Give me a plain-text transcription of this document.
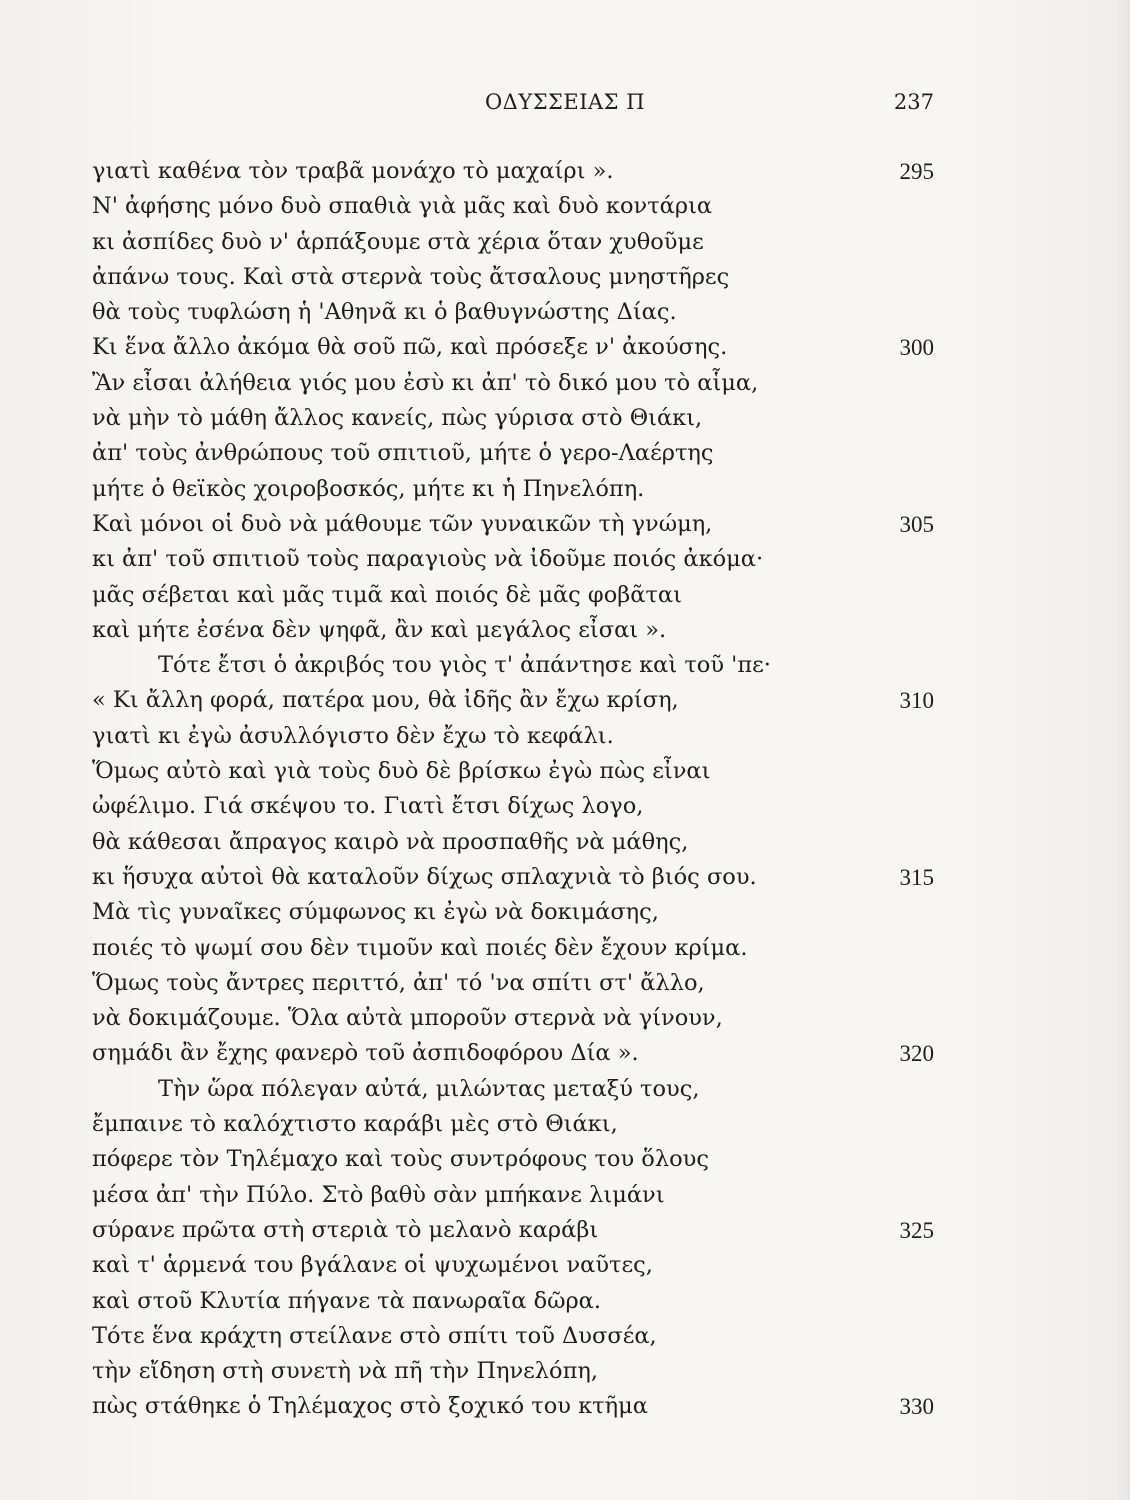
ΟΔΥΣΣΕΙΑΣ Π	237
γιατὶ καθένα τὸν τραβᾶ μονάχο τὸ μαχαίρι ».	295
Ν' ἀφήσης μόνο δυὸ σπαθιὰ γιὰ μᾶς καὶ δυὸ κοντάρια
κι ἀσπίδες δυὸ ν' ἁρπάξουμε στὰ χέρια ὅταν χυθοῦμε
ἀπάνω τους. Καὶ στὰ στερνὰ τοὺς ἄτσαλους μνηστῆρες
θὰ τοὺς τυφλώση ἡ 'Αθηνᾶ κι ὁ βαθυγνώστης Δίας.
Κι ἕνα ἄλλο ἀκόμα θὰ σοῦ πῶ, καὶ πρόσεξε ν' ἀκούσης.	300
Ἂν εἶσαι ἀλήθεια γιός μου ἐσὺ κι ἀπ' τὸ δικό μου τὸ αἷμα,
νὰ μὴν τὸ μάθη ἄλλος κανείς, πὼς γύρισα στὸ Θιάκι,
ἀπ' τοὺς ἀνθρώπους τοῦ σπιτιοῦ, μήτε ὁ γερο-Λαέρτης
μήτε ὁ θεϊκὸς χοιροβοσκός, μήτε κι ἡ Πηνελόπη.
Καὶ μόνοι οἱ δυὸ νὰ μάθουμε τῶν γυναικῶν τὴ γνώμη,	305
κι ἀπ' τοῦ σπιτιοῦ τοὺς παραγιοὺς νὰ ἰδοῦμε ποιός ἀκόμα·
μᾶς σέβεται καὶ μᾶς τιμᾶ καὶ ποιός δὲ μᾶς φοβᾶται
καὶ μήτε ἐσένα δὲν ψηφᾶ, ἂν καὶ μεγάλος εἶσαι ».
Τότε ἔτσι ὁ ἀκριβός του γιὸς τ' ἀπάντησε καὶ τοῦ 'πε·
« Κι ἄλλη φορά, πατέρα μου, θὰ ἰδῆς ἂν ἔχω κρίση,	310
γιατὶ κι ἐγὼ ἀσυλλόγιστο δὲν ἔχω τὸ κεφάλι.
Ὅμως αὐτὸ καὶ γιὰ τοὺς δυὸ δὲ βρίσκω ἐγὼ πὼς εἶναι
ὠφέλιμο. Γιά σκέψου το. Γιατὶ ἔτσι δίχως λογο,
θὰ κάθεσαι ἄπραγος καιρὸ νὰ προσπαθῆς νὰ μάθης,
κι ἥσυχα αὐτοὶ θὰ καταλοῦν δίχως σπλαχνιὰ τὸ βιός σου.	315
Μὰ τὶς γυναῖκες σύμφωνος κι ἐγὼ νὰ δοκιμάσης,
ποιές τὸ ψωμί σου δὲν τιμοῦν καὶ ποιές δὲν ἔχουν κρίμα.
Ὅμως τοὺς ἄντρες περιττό, ἀπ' τό 'να σπίτι στ' ἄλλο,
νὰ δοκιμάζουμε. Ὅλα αὐτὰ μποροῦν στερνὰ νὰ γίνουν,
σημάδι ἂν ἔχης φανερὸ τοῦ ἀσπιδοφόρου Δία ».	320
Τὴν ὥρα πόλεγαν αὐτά, μιλώντας μεταξύ τους,
ἔμπαινε τὸ καλόχτιστο καράβι μὲς στὸ Θιάκι,
πόφερε τὸν Τηλέμαχο καὶ τοὺς συντρόφους του ὅλους
μέσα ἀπ' τὴν Πύλο. Στὸ βαθὺ σὰν μπήκανε λιμάνι
σύρανε πρῶτα στὴ στεριὰ τὸ μελανὸ καράβι	325
καὶ τ' ἁρμενά του βγάλανε οἱ ψυχωμένοι ναῦτες,
καὶ στοῦ Κλυτία πήγανε τὰ πανωραῖα δῶρα.
Τότε ἕνα κράχτη στείλανε στὸ σπίτι τοῦ Δυσσέα,
τὴν εἴδηση στὴ συνετὴ νὰ πῆ τὴν Πηνελόπη,
πὼς στάθηκε ὁ Τηλέμαχος στὸ ξοχικό του κτῆμα	330
